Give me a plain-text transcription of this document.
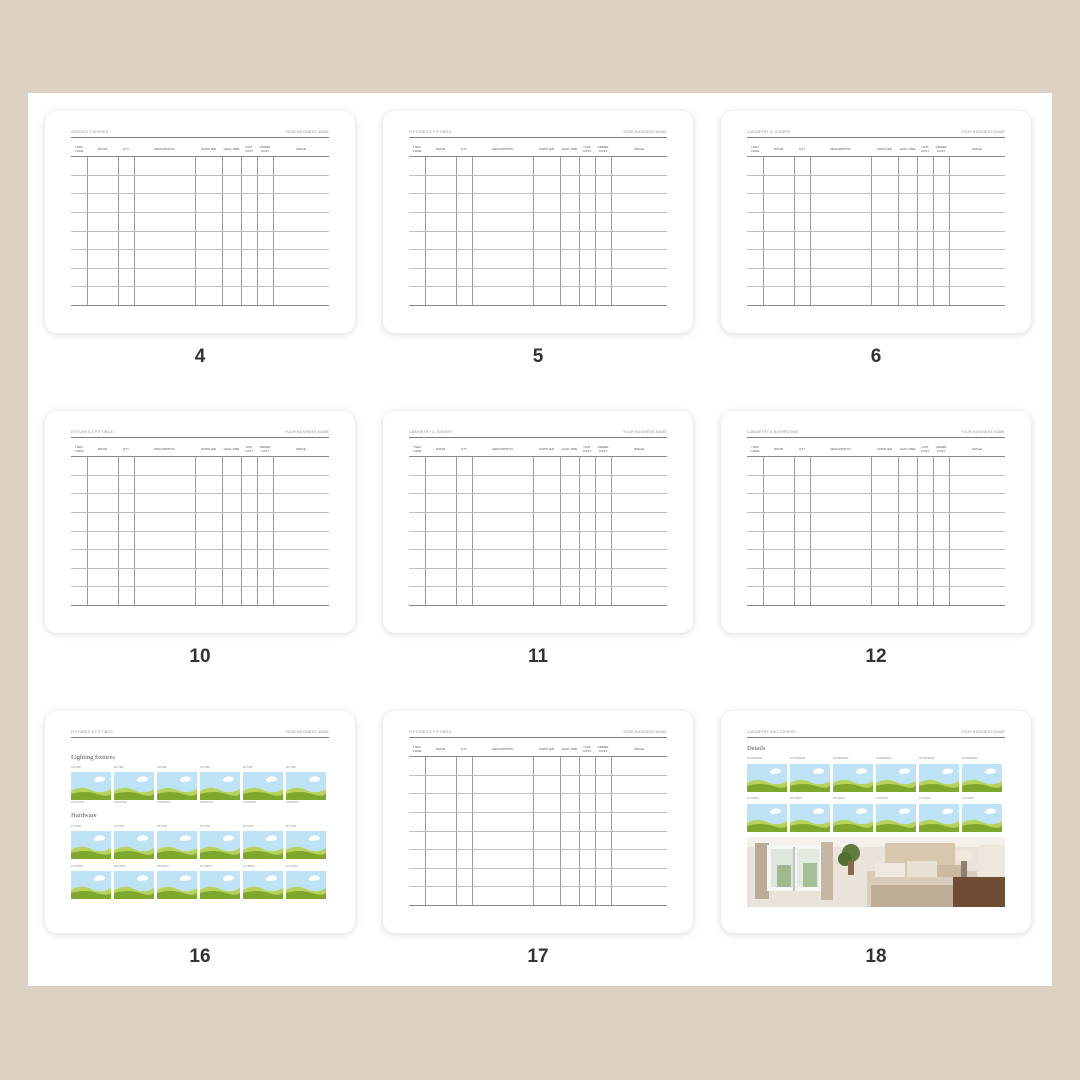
SURFACE FINISHES	YOUR BUSINESS NAME
ITEM CODE	ROOM	QTY	DESCRIPTION	SUPPLIER	LEAD TIME	UNIT COST	ORDER COST	IMAGE

4
FIXTURES & FITTINGS	YOUR BUSINESS NAME
ITEM CODE	ROOM	QTY	DESCRIPTION	SUPPLIER	LEAD TIME	UNIT COST	ORDER COST	IMAGE

5
CABINETRY & JOINERY	YOUR BUSINESS NAME
ITEM CODE	ROOM	QTY	DESCRIPTION	SUPPLIER	LEAD TIME	UNIT COST	ORDER COST	IMAGE

6
FIXTURES & FITTINGS	YOUR BUSINESS NAME
ITEM CODE	ROOM	QTY	DESCRIPTION	SUPPLIER	LEAD TIME	UNIT COST	ORDER COST	IMAGE

10
CABINETRY & JOINERY	YOUR BUSINESS NAME
ITEM CODE	ROOM	QTY	DESCRIPTION	SUPPLIER	LEAD TIME	UNIT COST	ORDER COST	IMAGE

11
CABINETRY & BATHROOMS	YOUR BUSINESS NAME
ITEM CODE	ROOM	QTY	DESCRIPTION	SUPPLIER	LEAD TIME	UNIT COST	ORDER COST	IMAGE

12
FIXTURES & FITTINGS	YOUR BUSINESS NAME
Lighting fixtures
Hardware
01 ITEM
LOCATION
01 TYPE
07 FINISH
02 ITEM
LOCATION
02 TYPE
08 FINISH
03 ITEM
LOCATION
03 TYPE
09 FINISH
04 ITEM
LOCATION
04 TYPE
10 FINISH
05 ITEM
LOCATION
05 TYPE
11 FINISH
06 ITEM
LOCATION
06 TYPE
12 FINISH
16
FIXTURES & FITTINGS	YOUR BUSINESS NAME
ITEM CODE	ROOM	QTY	DESCRIPTION	SUPPLIER	LEAD TIME	UNIT COST	ORDER COST	IMAGE

17
CABINETRY AND JOINERY	YOUR BUSINESS NAME
Details
01 MATERIAL
07 FINISH
02 MATERIAL
08 FINISH
03 MATERIAL
09 FINISH
04 MATERIAL
10 FINISH
05 MATERIAL
11 FINISH
06 MATERIAL
12 FINISH
18
